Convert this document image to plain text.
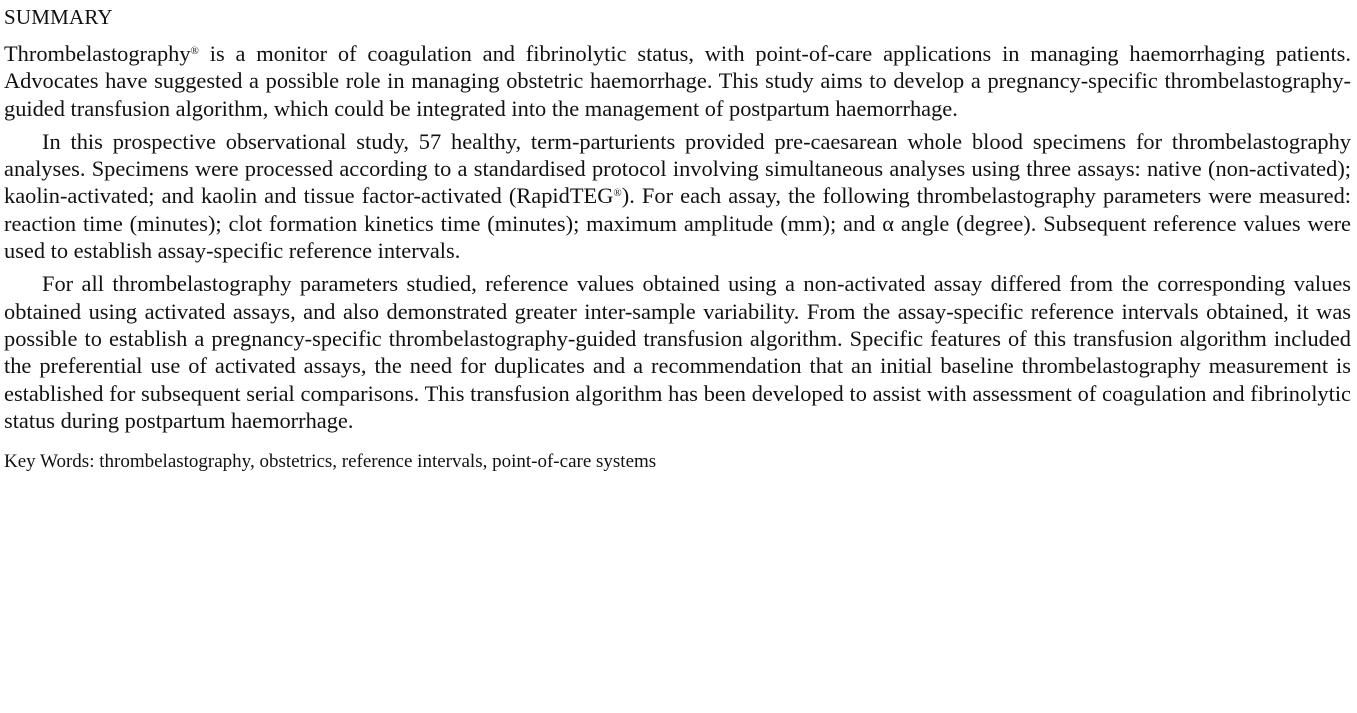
SUMMARY

Thrombelastography® is a monitor of coagulation and fibrinolytic status, with point-of-care applications in managing haemorrhaging patients. Advocates have suggested a possible role in managing obstetric haemorrhage. This study aims to develop a pregnancy-specific thrombelastography-guided transfusion algorithm, which could be integrated into the management of postpartum haemorrhage.

In this prospective observational study, 57 healthy, term-parturients provided pre-caesarean whole blood specimens for thrombelastography analyses. Specimens were processed according to a standardised protocol involving simultaneous analyses using three assays: native (non-activated); kaolin-activated; and kaolin and tissue factor-activated (RapidTEG®). For each assay, the following thrombelastography parameters were measured: reaction time (minutes); clot formation kinetics time (minutes); maximum amplitude (mm); and α angle (degree). Subsequent reference values were used to establish assay-specific reference intervals.

For all thrombelastography parameters studied, reference values obtained using a non-activated assay differed from the corresponding values obtained using activated assays, and also demonstrated greater inter-sample variability. From the assay-specific reference intervals obtained, it was possible to establish a pregnancy-specific thrombelastography-guided transfusion algorithm. Specific features of this transfusion algorithm included the preferential use of activated assays, the need for duplicates and a recommendation that an initial baseline thrombelastography measurement is established for subsequent serial comparisons. This transfusion algorithm has been developed to assist with assessment of coagulation and fibrinolytic status during postpartum haemorrhage.

Key Words: thrombelastography, obstetrics, reference intervals, point-of-care systems
